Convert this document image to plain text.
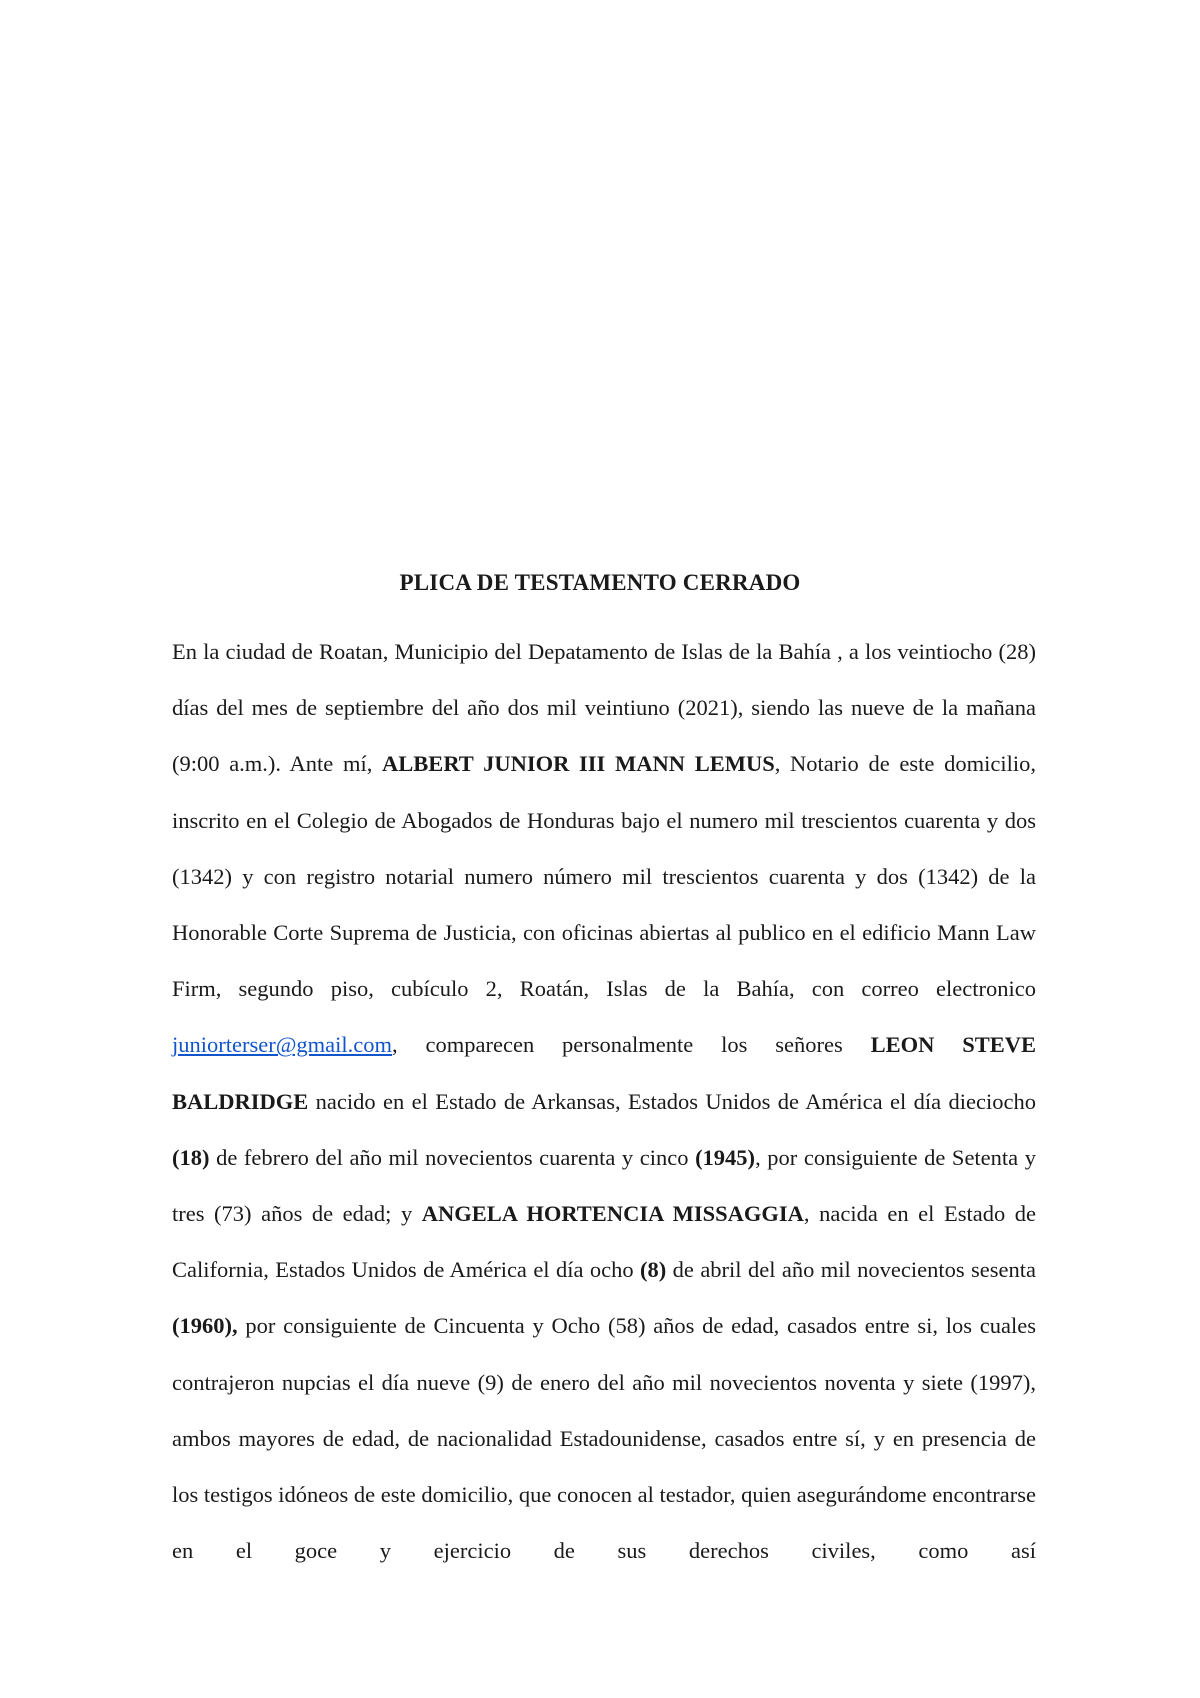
PLICA DE TESTAMENTO CERRADO

En la ciudad de Roatan, Municipio del Depatamento de Islas de la Bahía , a los veintiocho (28) días del mes de septiembre del año dos mil veintiuno (2021), siendo las nueve de la mañana (9:00 a.m.). Ante mí, ALBERT JUNIOR III MANN LEMUS, Notario de este domicilio, inscrito en el Colegio de Abogados de Honduras bajo el numero mil trescientos cuarenta y dos (1342) y con registro notarial numero número mil trescientos cuarenta y dos (1342) de la Honorable Corte Suprema de Justicia, con oficinas abiertas al publico en el edificio Mann Law Firm, segundo piso, cubículo 2, Roatán, Islas de la Bahía, con correo electronico juniorterser@gmail.com, comparecen personalmente los señores LEON STEVE BALDRIDGE nacido en el Estado de Arkansas, Estados Unidos de América el día dieciocho (18) de febrero del año mil novecientos cuarenta y cinco (1945), por consiguiente de Setenta y tres (73) años de edad; y ANGELA HORTENCIA MISSAGGIA, nacida en el Estado de California, Estados Unidos de América el día ocho (8) de abril del año mil novecientos sesenta (1960), por consiguiente de Cincuenta y Ocho (58) años de edad, casados entre si, los cuales contrajeron nupcias el día nueve (9) de enero del año mil novecientos noventa y siete (1997), ambos mayores de edad, de nacionalidad Estadounidense, casados entre sí, y en presencia de los testigos idóneos de este domicilio, que conocen al testador, quien asegurándome encontrarse en el goce y ejercicio de sus derechos civiles, como así
